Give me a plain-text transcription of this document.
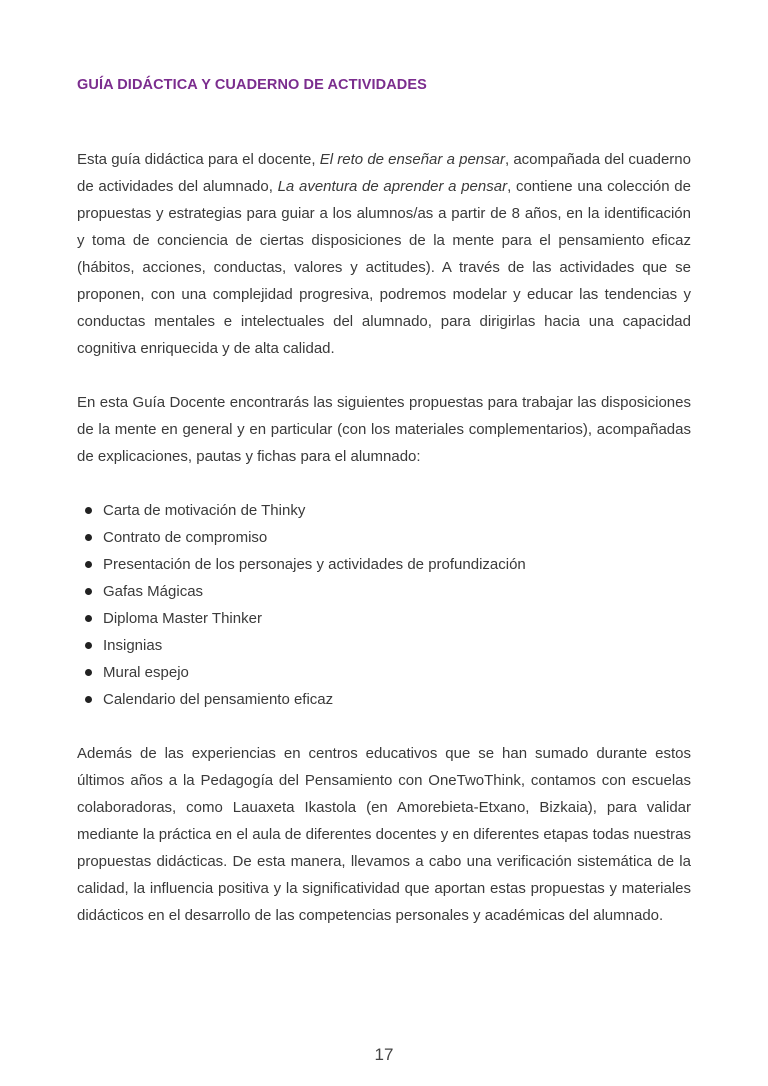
GUÍA DIDÁCTICA Y CUADERNO DE ACTIVIDADES

Esta guía didáctica para el docente, El reto de enseñar a pensar, acompañada del cuaderno de actividades del alumnado, La aventura de aprender a pensar, contiene una colección de propuestas y estrategias para guiar a los alumnos/as a partir de 8 años, en la identificación y toma de conciencia de ciertas disposiciones de la mente para el pensamiento eficaz (hábitos, acciones, conductas, valores y actitudes). A través de las actividades que se proponen, con una complejidad progresiva, podremos modelar y educar las tendencias y conductas mentales e intelectuales del alumnado, para dirigirlas hacia una capacidad cognitiva enriquecida y de alta calidad.

En esta Guía Docente encontrarás las siguientes propuestas para trabajar las disposiciones de la mente en general y en particular (con los materiales complementarios), acompañadas de explicaciones, pautas y fichas para el alumnado:

Carta de motivación de Thinky
Contrato de compromiso
Presentación de los personajes y actividades de profundización
Gafas Mágicas
Diploma Master Thinker
Insignias
Mural espejo
Calendario del pensamiento eficaz

Además de las experiencias en centros educativos que se han sumado durante estos últimos años a la Pedagogía del Pensamiento con OneTwoThink, contamos con escuelas colaboradoras, como Lauaxeta Ikastola (en Amorebieta-Etxano, Bizkaia), para validar mediante la práctica en el aula de diferentes docentes y en diferentes etapas todas nuestras propuestas didácticas. De esta manera, llevamos a cabo una verificación sistemática de la calidad, la influencia positiva y la significatividad que aportan estas propuestas y materiales didácticos en el desarrollo de las competencias personales y académicas del alumnado.

17
